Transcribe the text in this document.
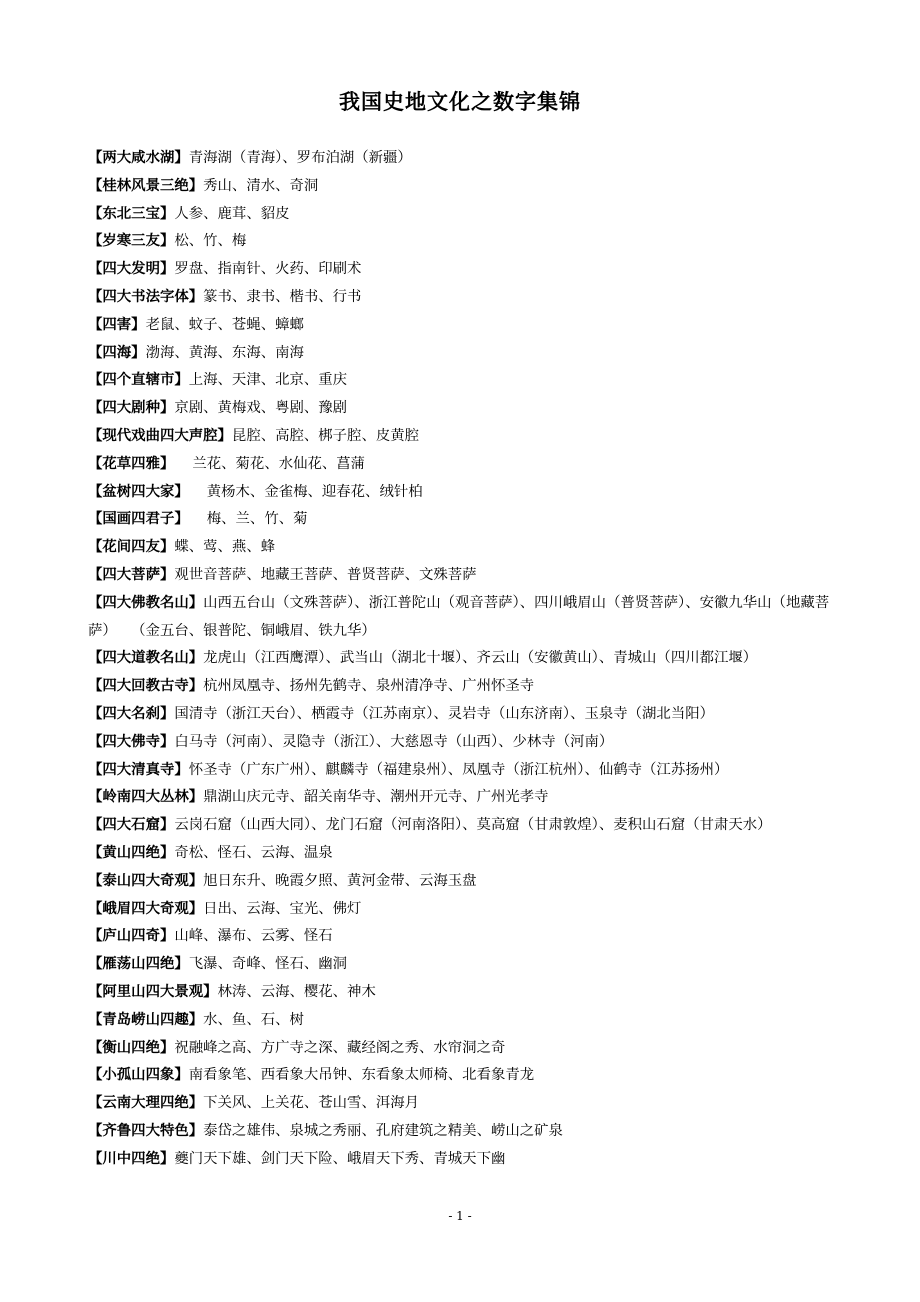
我国史地文化之数字集锦

【两大咸水湖】青海湖（青海）、罗布泊湖（新疆）

【桂林风景三绝】秀山、清水、奇洞

【东北三宝】人参、鹿茸、貂皮

【岁寒三友】松、竹、梅

【四大发明】罗盘、指南针、火药、印刷术

【四大书法字体】篆书、隶书、楷书、行书

【四害】老鼠、蚊子、苍蝇、蟑螂

【四海】渤海、黄海、东海、南海

【四个直辖市】上海、天津、北京、重庆

【四大剧种】京剧、黄梅戏、粤剧、豫剧

【现代戏曲四大声腔】昆腔、高腔、梆子腔、皮黄腔

【花草四雅】 兰花、菊花、水仙花、菖蒲

【盆树四大家】 黄杨木、金雀梅、迎春花、绒针柏

【国画四君子】 梅、兰、竹、菊

【花间四友】蝶、莺、燕、蜂

【四大菩萨】观世音菩萨、地藏王菩萨、普贤菩萨、文殊菩萨

【四大佛教名山】山西五台山（文殊菩萨）、浙江普陀山（观音菩萨）、四川峨眉山（普贤菩萨）、安徽九华山（地藏菩萨）　　（金五台、银普陀、铜峨眉、铁九华）

【四大道教名山】龙虎山（江西鹰潭）、武当山（湖北十堰）、齐云山（安徽黄山）、青城山（四川都江堰）

【四大回教古寺】杭州凤凰寺、扬州先鹤寺、泉州清净寺、广州怀圣寺

【四大名刹】国清寺（浙江天台）、栖霞寺（江苏南京）、灵岩寺（山东济南）、玉泉寺（湖北当阳）

【四大佛寺】白马寺（河南）、灵隐寺（浙江）、大慈恩寺（山西）、少林寺（河南）

【四大清真寺】怀圣寺（广东广州）、麒麟寺（福建泉州）、凤凰寺（浙江杭州）、仙鹤寺（江苏扬州）

【岭南四大丛林】鼎湖山庆元寺、韶关南华寺、潮州开元寺、广州光孝寺

【四大石窟】云岗石窟（山西大同）、龙门石窟（河南洛阳）、莫高窟（甘肃敦煌）、麦积山石窟（甘肃天水）

【黄山四绝】奇松、怪石、云海、温泉

【泰山四大奇观】旭日东升、晚霞夕照、黄河金带、云海玉盘

【峨眉四大奇观】日出、云海、宝光、佛灯

【庐山四奇】山峰、瀑布、云雾、怪石

【雁荡山四绝】飞瀑、奇峰、怪石、幽洞

【阿里山四大景观】林涛、云海、樱花、神木

【青岛崂山四趣】水、鱼、石、树

【衡山四绝】祝融峰之高、方广寺之深、藏经阁之秀、水帘洞之奇

【小孤山四象】南看象笔、西看象大吊钟、东看象太师椅、北看象青龙

【云南大理四绝】下关风、上关花、苍山雪、洱海月

【齐鲁四大特色】泰岱之雄伟、泉城之秀丽、孔府建筑之精美、崂山之矿泉

【川中四绝】夔门天下雄、剑门天下险、峨眉天下秀、青城天下幽

- 1 -
